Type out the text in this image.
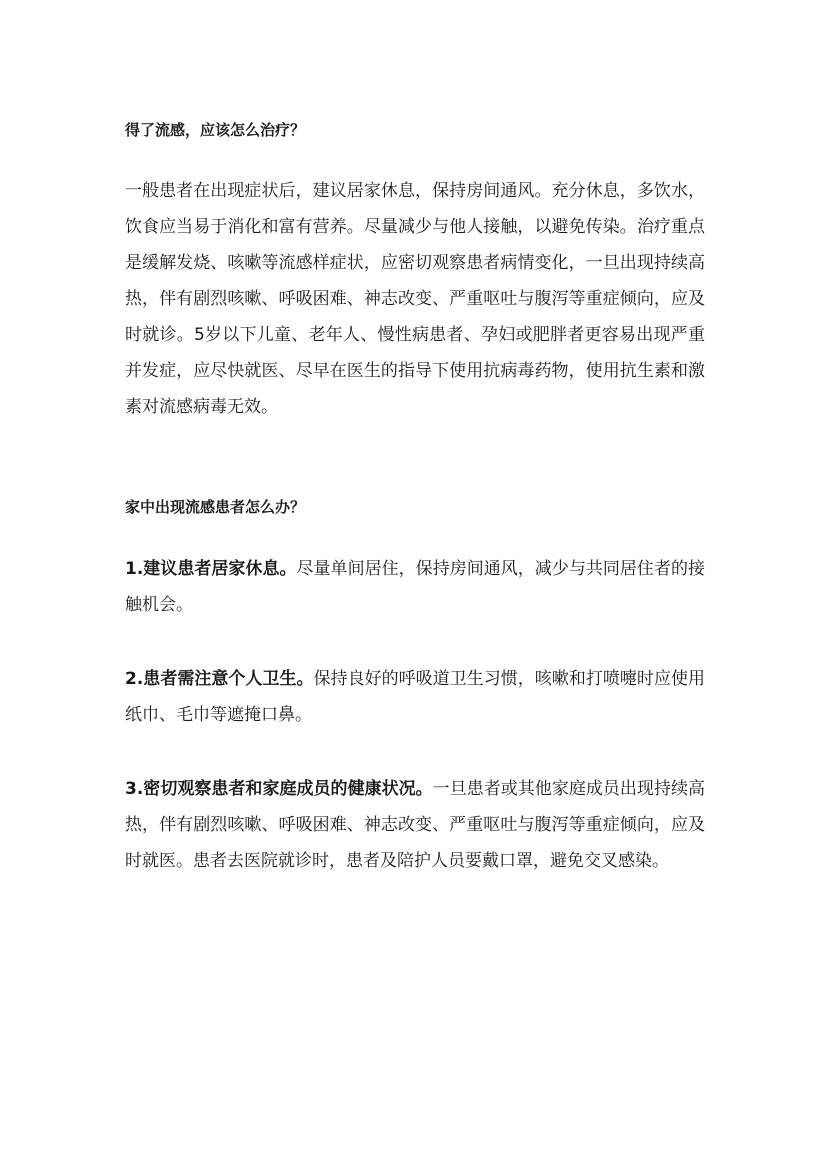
得了流感，应该怎么治疗？
一般患者在出现症状后，建议居家休息，保持房间通风。充分休息，多饮水，饮食应当易于消化和富有营养。尽量减少与他人接触，以避免传染。治疗重点是缓解发烧、咳嗽等流感样症状，应密切观察患者病情变化，一旦出现持续高热，伴有剧烈咳嗽、呼吸困难、神志改变、严重呕吐与腹泻等重症倾向，应及时就诊。5岁以下儿童、老年人、慢性病患者、孕妇或肥胖者更容易出现严重并发症，应尽快就医、尽早在医生的指导下使用抗病毒药物，使用抗生素和激素对流感病毒无效。
家中出现流感患者怎么办？
1.建议患者居家休息。尽量单间居住，保持房间通风，减少与共同居住者的接触机会。
2.患者需注意个人卫生。保持良好的呼吸道卫生习惯，咳嗽和打喷嚏时应使用纸巾、毛巾等遮掩口鼻。
3.密切观察患者和家庭成员的健康状况。一旦患者或其他家庭成员出现持续高热，伴有剧烈咳嗽、呼吸困难、神志改变、严重呕吐与腹泻等重症倾向，应及时就医。患者去医院就诊时，患者及陪护人员要戴口罩，避免交叉感染。
